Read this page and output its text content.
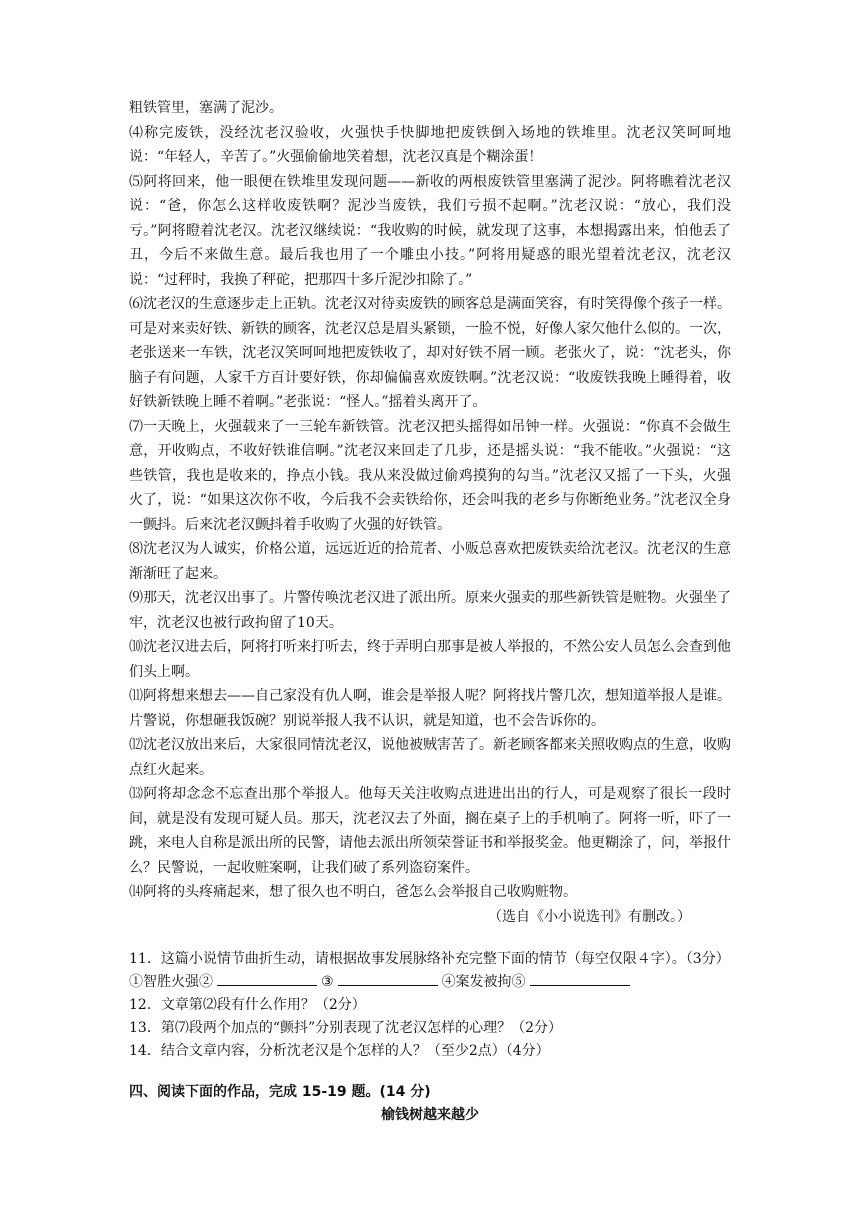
粗铁管里，塞满了泥沙。

⑷称完废铁，没经沈老汉验收，火强快手快脚地把废铁倒入场地的铁堆里。沈老汉笑呵呵地说：“年轻人，辛苦了。”火强偷偷地笑着想，沈老汉真是个糊涂蛋！

⑸阿将回来，他一眼便在铁堆里发现问题——新收的两根废铁管里塞满了泥沙。阿将瞧着沈老汉说：“爸，你怎么这样收废铁啊？泥沙当废铁，我们亏损不起啊。”沈老汉说：“放心，我们没亏。”阿将瞪着沈老汉。沈老汉继续说：“我收购的时候，就发现了这事，本想揭露出来，怕他丢了丑，今后不来做生意。最后我也用了一个雕虫小技。”阿将用疑惑的眼光望着沈老汉，沈老汉说：“过秤时，我换了秤砣，把那四十多斤泥沙扣除了。”

⑹沈老汉的生意逐步走上正轨。沈老汉对待卖废铁的顾客总是满面笑容，有时笑得像个孩子一样。可是对来卖好铁、新铁的顾客，沈老汉总是眉头紧锁，一脸不悦，好像人家欠他什么似的。一次，老张送来一车铁，沈老汉笑呵呵地把废铁收了，却对好铁不屑一顾。老张火了，说：“沈老头，你脑子有问题，人家千方百计要好铁，你却偏偏喜欢废铁啊。”沈老汉说：“收废铁我晚上睡得着，收好铁新铁晚上睡不着啊。”老张说：“怪人。”摇着头离开了。

⑺一天晚上，火强载来了一三轮车新铁管。沈老汉把头摇得如吊钟一样。火强说：“你真不会做生意，开收购点，不收好铁谁信啊。”沈老汉来回走了几步，还是摇头说：“我不能收。”火强说：“这些铁管，我也是收来的，挣点小钱。我从来没做过偷鸡摸狗的勾当。”沈老汉又摇了一下头，火强火了，说：“如果这次你不收，今后我不会卖铁给你，还会叫我的老乡与你断绝业务。”沈老汉全身一颤抖。后来沈老汉颤抖着手收购了火强的好铁管。

⑻沈老汉为人诚实，价格公道，远远近近的拾荒者、小贩总喜欢把废铁卖给沈老汉。沈老汉的生意渐渐旺了起来。

⑼那天，沈老汉出事了。片警传唤沈老汉进了派出所。原来火强卖的那些新铁管是赃物。火强坐了牢，沈老汉也被行政拘留了10天。

⑽沈老汉进去后，阿将打听来打听去，终于弄明白那事是被人举报的，不然公安人员怎么会查到他们头上啊。

⑾阿将想来想去——自己家没有仇人啊，谁会是举报人呢？阿将找片警几次，想知道举报人是谁。片警说，你想砸我饭碗？别说举报人我不认识，就是知道，也不会告诉你的。

⑿沈老汉放出来后，大家很同情沈老汉，说他被贼害苦了。新老顾客都来关照收购点的生意，收购点红火起来。

⒀阿将却念念不忘查出那个举报人。他每天关注收购点进进出出的行人，可是观察了很长一段时间，就是没有发现可疑人员。那天，沈老汉去了外面，搁在桌子上的手机响了。阿将一听，吓了一跳，来电人自称是派出所的民警，请他去派出所领荣誉证书和举报奖金。他更糊涂了，问，举报什么？民警说，一起收赃案啊，让我们破了系列盗窃案件。

⒁阿将的头疼痛起来，想了很久也不明白，爸怎么会举报自己收购赃物。

（选自《小小说选刊》有删改。）

11．这篇小说情节曲折生动，请根据故事发展脉络补充完整下面的情节（每空仅限４字）。（3分）

①智胜火强②	③	④案发被拘⑤

12．文章第⑵段有什么作用？（2分）

13．第⑺段两个加点的“颤抖”分别表现了沈老汉怎样的心理？（2分）

14．结合文章内容，分析沈老汉是个怎样的人？（至少2点）（4分）

四、阅读下面的作品，完成 15-19 题。(14 分)

榆钱树越来越少
